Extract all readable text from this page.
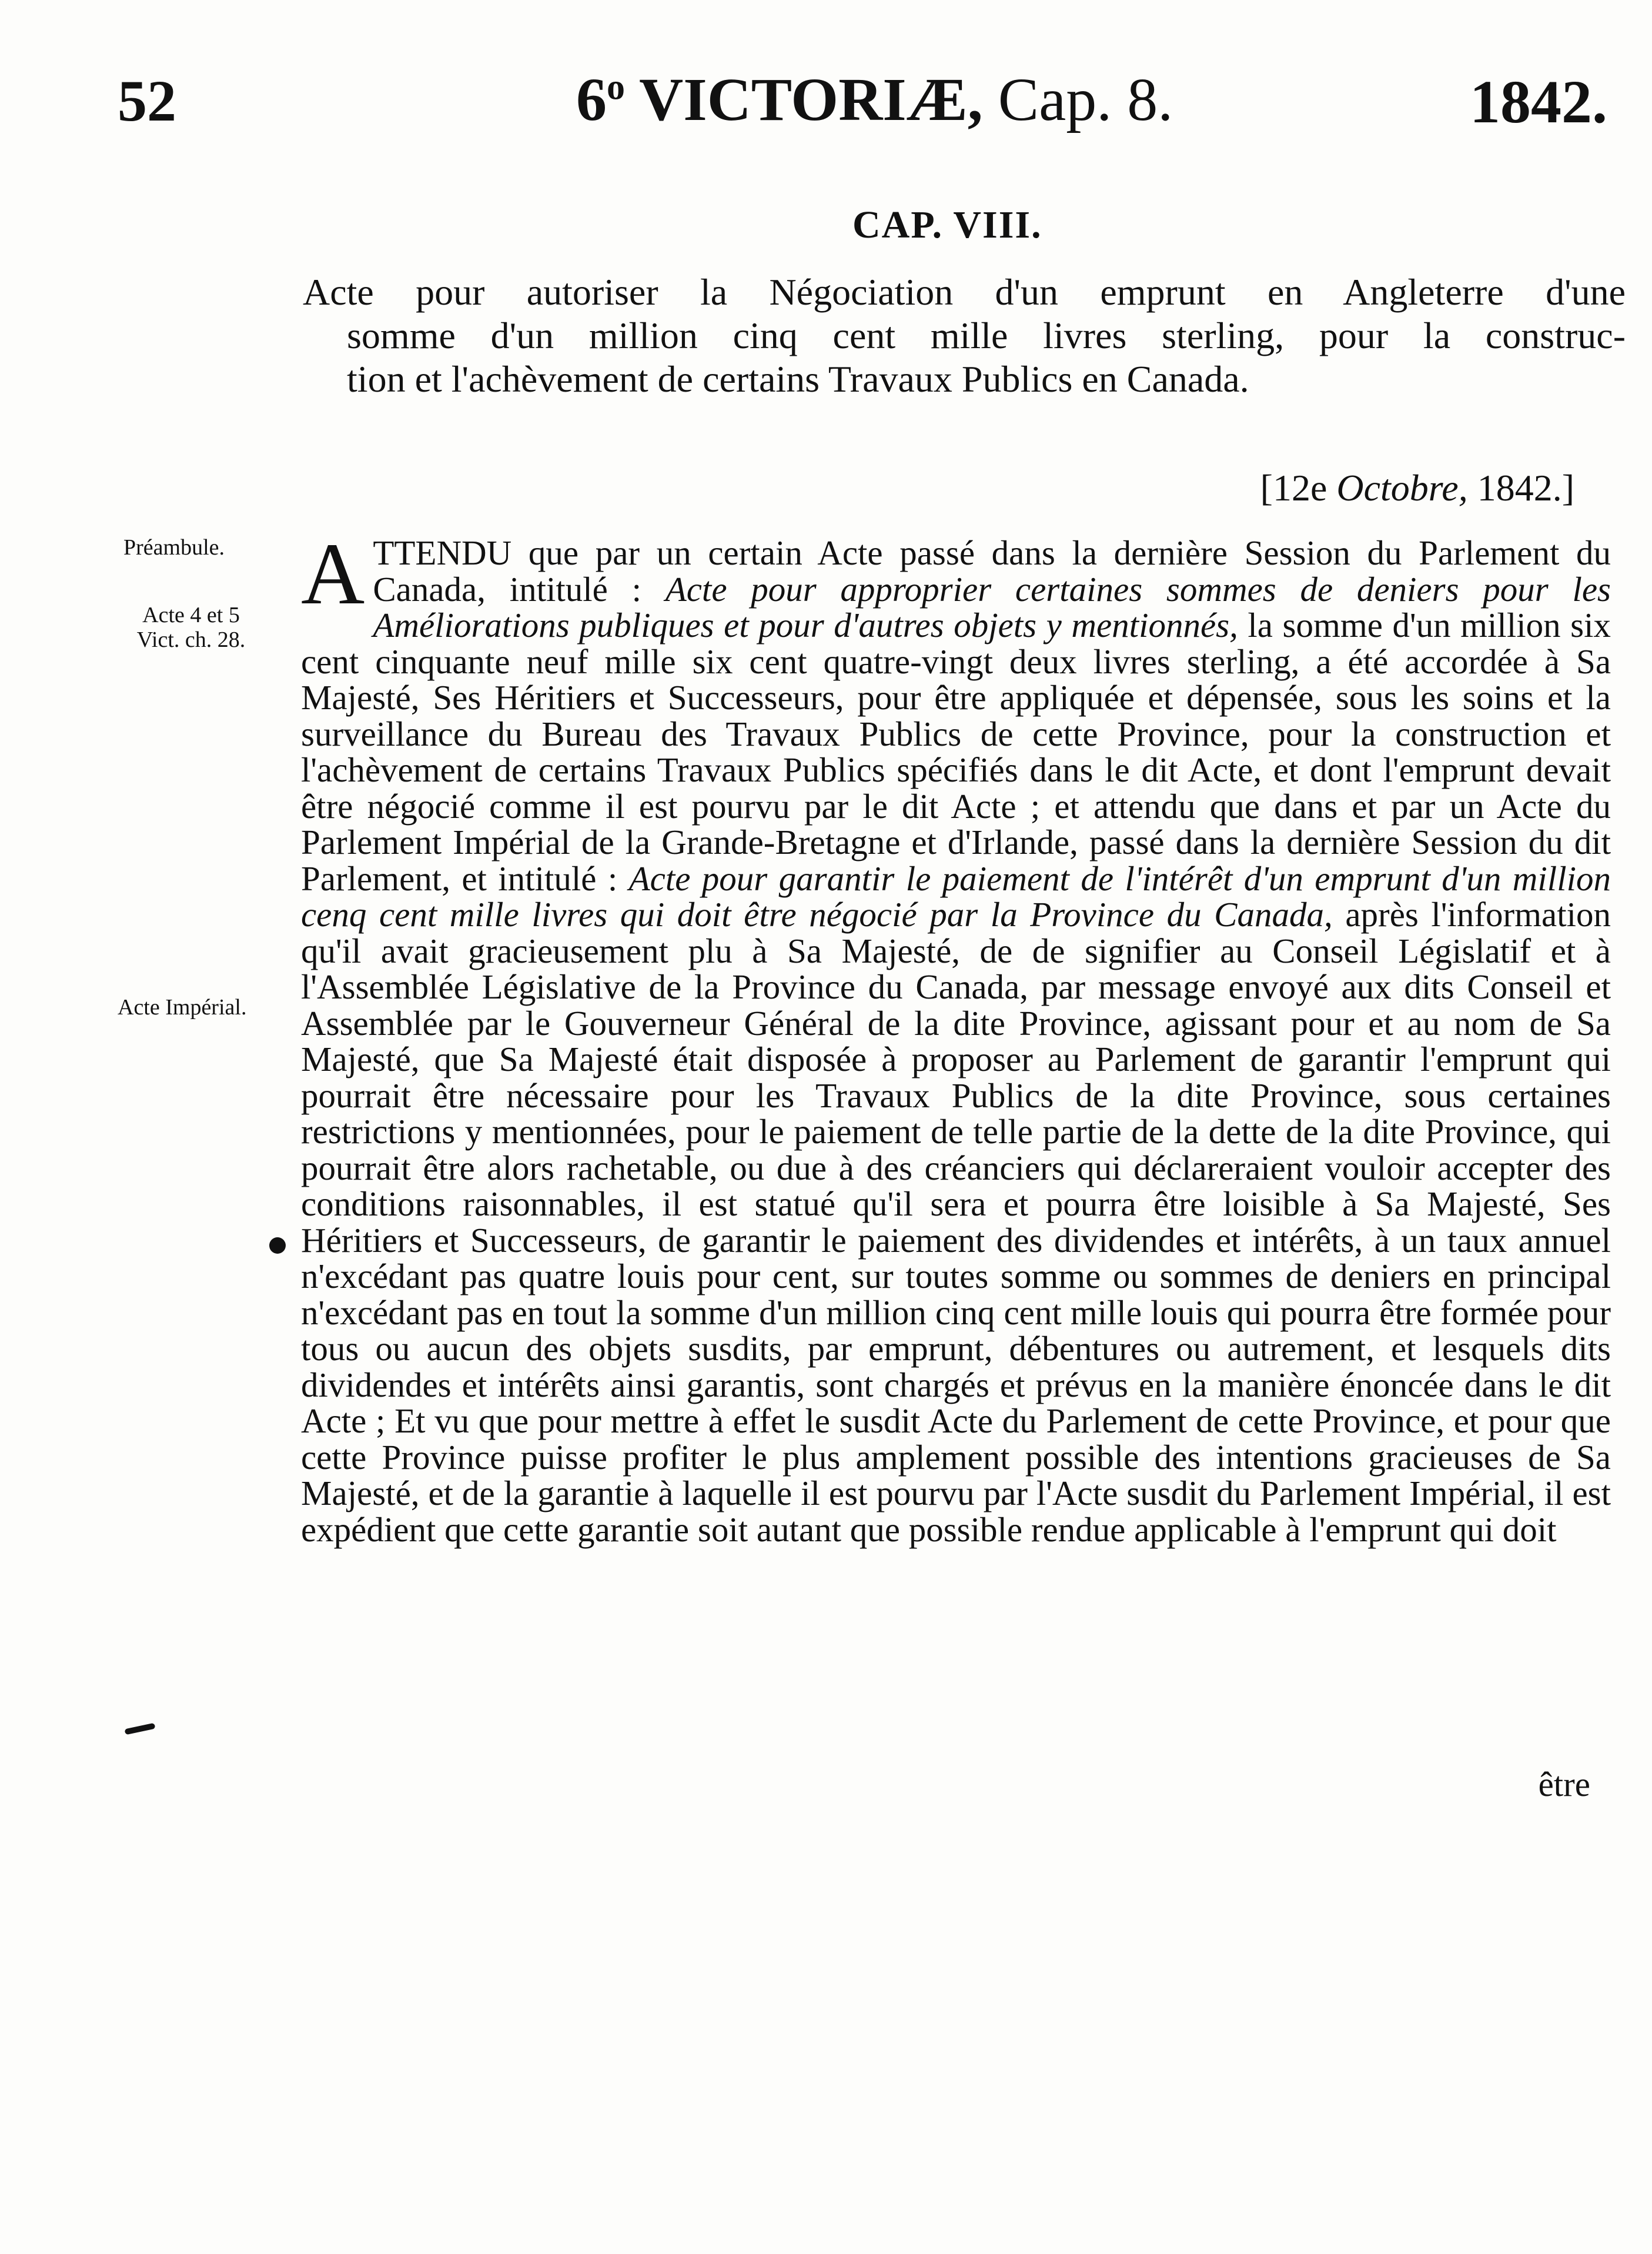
52	6$^o$ VICTORIÆ, Cap. 8.	1842.
CAP. VIII.
Acte pour autoriser la Négociation d'un emprunt en Angleterre d'une
somme d'un million cinq cent mille livres sterling, pour la construc-
tion et l'achèvement de certains Travaux Publics en Canada.
[12e Octobre, 1842.]
Préambule.
Acte 4 et 5
Vict. ch. 28.
Acte Impérial.
ATTENDU que par un certain Acte passé dans la dernière Session du Parlement du Canada, intitulé : Acte pour approprier certaines sommes de deniers pour les Améliorations publiques et pour d'autres objets y mentionnés, la somme d'un million six cent cinquante neuf mille six cent quatre-vingt deux livres sterling, a été accordée à Sa Majesté, Ses Héritiers et Successeurs, pour être appliquée et dépensée, sous les soins et la surveillance du Bureau des Travaux Publics de cette Province, pour la construction et l'achèvement de certains Travaux Publics spécifiés dans le dit Acte, et dont l'emprunt devait être négocié comme il est pourvu par le dit Acte ; et attendu que dans et par un Acte du Parlement Impérial de la Grande-Bretagne et d'Irlande, passé dans la dernière Session du dit Parlement, et intitulé : Acte pour garantir le paiement de l'intérêt d'un emprunt d'un million cenq cent mille livres qui doit être négocié par la Province du Canada, après l'information qu'il avait gracieusement plu à Sa Majesté, de de signifier au Conseil Législatif et à l'Assemblée Législative de la Province du Canada, par message envoyé aux dits Conseil et Assemblée par le Gouverneur Général de la dite Province, agissant pour et au nom de Sa Majesté, que Sa Majesté était disposée à proposer au Parlement de garantir l'emprunt qui pourrait être nécessaire pour les Travaux Publics de la dite Province, sous certaines restrictions y mentionnées, pour le paiement de telle partie de la dette de la dite Province, qui pourrait être alors rachetable, ou due à des créanciers qui déclareraient vouloir accepter des conditions raisonnables, il est statué qu'il sera et pourra être loisible à Sa Majesté, Ses Héritiers et Successeurs, de garantir le paiement des dividendes et intérêts, à un taux annuel n'excédant pas quatre louis pour cent, sur toutes somme ou sommes de deniers en principal n'excédant pas en tout la somme d'un million cinq cent mille louis qui pourra être formée pour tous ou aucun des objets susdits, par emprunt, débentures ou autrement, et lesquels dits dividendes et intérêts ainsi garantis, sont chargés et prévus en la manière énoncée dans le dit Acte ; Et vu que pour mettre à effet le susdit Acte du Parlement de cette Province, et pour que cette Province puisse profiter le plus amplement possible des intentions gracieuses de Sa Majesté, et de la garantie à laquelle il est pourvu par l'Acte susdit du Parlement Impérial, il est expédient que cette garantie soit autant que possible rendue applicable à l'emprunt qui doit
être
